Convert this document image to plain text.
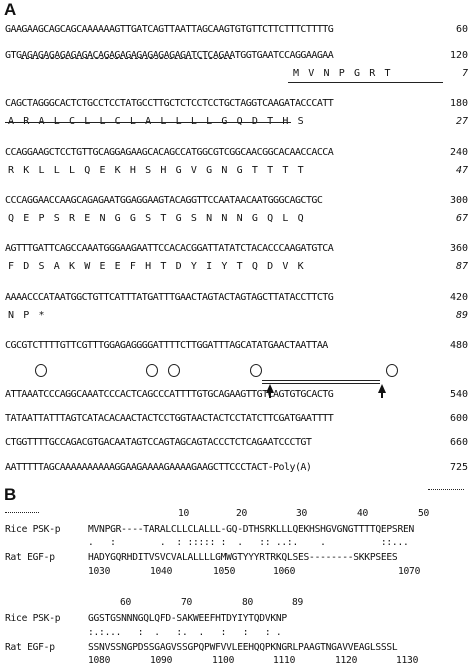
A
GAAGAAGCAGCAGCAAAAAAGTTGATCAGTTAATTAGCAAGTGTGTTCTTCTTTCTTTTG	60
GTGAGAGAGAGAGAGACAGAGAGAGAGAGAGAGATCTCAGAATGGTGAATCCAGGAAGAA	120
M V N P G R T	7
CAGCTAGGGCACTCTGCCTCCTATGCCTTGCTCTCCTCCTGCTAGGTCAAGATACCCATT	180
A R A L C L L C L A L L L L G Q D T H S	27
CCAGGAAGCTCCTGTTGCAGGAGAAGCACAGCCATGGCGTCGGCAACGGCACAACCACCA	240
R K L L L Q E K H S H G V G N G T T T T	47
CCCAGGAACCAAGCAGAGAATGGAGGAAGTACAGGTTCCAATAACAATGGGCAGCTGC	300
Q E P S R E N G G S T G S N N N G Q L Q	67
AGTTTGATTCAGCCAAATGGGAAGAATTCCACACGGATTATATCTACACCCAAGATGTCA	360
F D S A K W E E F H T D Y I Y T Q D V K	87
AAAACCCATAATGGCTGTTCATTTATGATTTGAACTAGTACTAGTAGCTTATACCTTCTG	420
N P *	89
CGCGTCTTTTGTTCGTTTGGAGAGGGGATTTTCTTGGATTTAGCATATGAACTAATTAA	480
ATTAAATCCCAGGCAAATCCCACTCAGCCCATTTTGTGCAGAAGTTGTCAGTGTGCACTG	540
TATAATTATTTAGTCATACACAACTACTCCTGGTAACTACTCCTATCTTCGATGAATTTT	600
CTGGTTTTGCCAGACGTGACAATAGTCCAGTAGCAGTACCCTCTCAGAATCCCTGT	660
AATTTTTAGCAAAAAAAAAAGGAAGAAAAGAAAAGAAGCTTCCCTACT-Poly(A)	725
B
10	20	30	40	50
Rice PSK-p	MVNPGR----TARALCLLCLALLL-GQ-DTHSRKLLLQEKHSHGVGNGTTTTQEPSREN
.   :        .  : ::::: :  .   :: ..:.    .          ::...
Rat EGF-p	HADYGQRHDITVSVCVALALLLLGMWGTYYYRTRKQLSES--------SKKPSEES
1030	1040	1050	1060	1070
60	70	80	89
Rice PSK-p	GGSTGSNNNGQLQFD-SAKWEEFHTDYIYTQDVKNP
:.:...   :  .   :.  .   :   :   : .
Rat EGF-p	SSNVSSNGPDSSGAGVSSGPQPWFVVLEEHQQPKNGRLPAAGTNGAVVEAGLSSSL
1080	1090	1100	1110	1120	1130
